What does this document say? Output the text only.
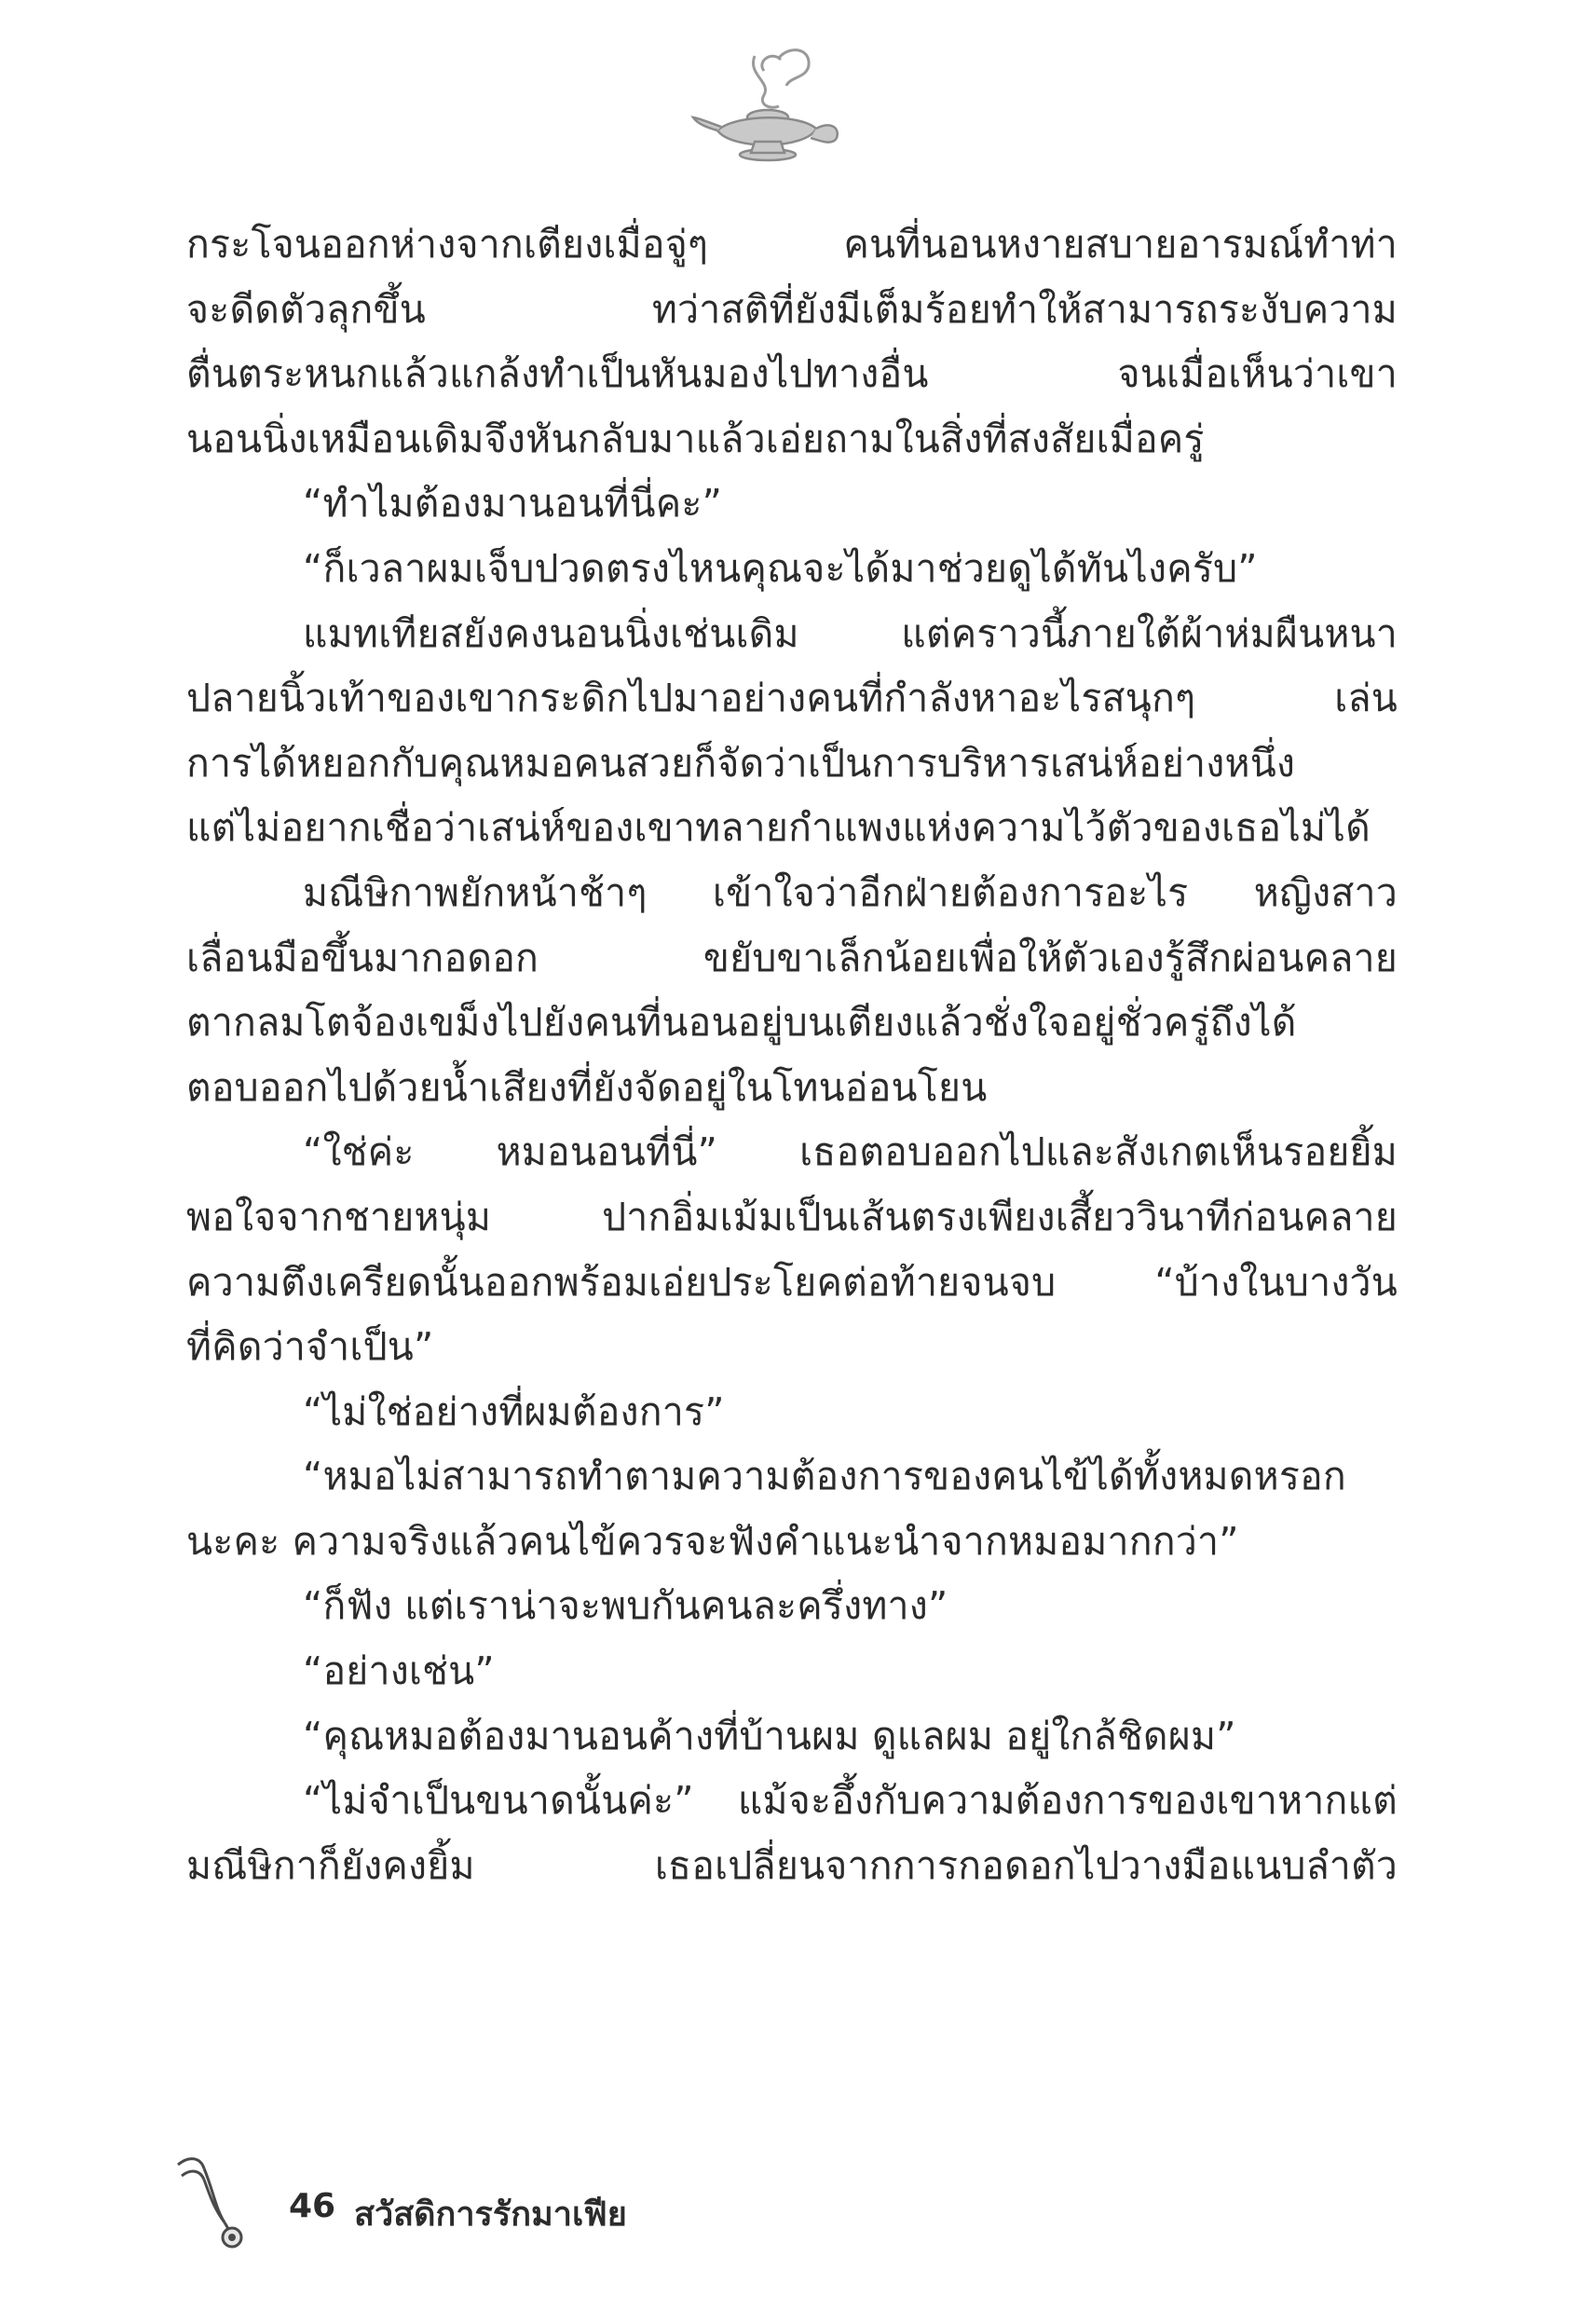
กระโจนออกห่างจากเตียงเมื่อจู่ๆ คนที่นอนหงายสบายอารมณ์ทำท่า
จะดีดตัวลุกขึ้น ทว่าสติที่ยังมีเต็มร้อยทำให้สามารถระงับความ
ตื่นตระหนกแล้วแกล้งทำเป็นหันมองไปทางอื่น จนเมื่อเห็นว่าเขา
นอนนิ่งเหมือนเดิมจึงหันกลับมาแล้วเอ่ยถามในสิ่งที่สงสัยเมื่อครู่
“ทำไมต้องมานอนที่นี่คะ”
“ก็เวลาผมเจ็บปวดตรงไหนคุณจะได้มาช่วยดูได้ทันไงครับ”
แมทเทียสยังคงนอนนิ่งเช่นเดิม แต่คราวนี้ภายใต้ผ้าห่มผืนหนา
ปลายนิ้วเท้าของเขากระดิกไปมาอย่างคนที่กำลังหาอะไรสนุกๆ เล่น
การได้หยอกกับคุณหมอคนสวยก็จัดว่าเป็นการบริหารเสน่ห์อย่างหนึ่ง
แต่ไม่อยากเชื่อว่าเสน่ห์ของเขาทลายกำแพงแห่งความไว้ตัวของเธอไม่ได้
มณีษิกาพยักหน้าช้าๆ เข้าใจว่าอีกฝ่ายต้องการอะไร หญิงสาว
เลื่อนมือขึ้นมากอดอก ขยับขาเล็กน้อยเพื่อให้ตัวเองรู้สึกผ่อนคลาย
ตากลมโตจ้องเขม็งไปยังคนที่นอนอยู่บนเตียงแล้วชั่งใจอยู่ชั่วครู่ถึงได้
ตอบออกไปด้วยน้ำเสียงที่ยังจัดอยู่ในโทนอ่อนโยน
“ใช่ค่ะ หมอนอนที่นี่” เธอตอบออกไปและสังเกตเห็นรอยยิ้ม
พอใจจากชายหนุ่ม ปากอิ่มเม้มเป็นเส้นตรงเพียงเสี้ยววินาทีก่อนคลาย
ความตึงเครียดนั้นออกพร้อมเอ่ยประโยคต่อท้ายจนจบ “บ้างในบางวัน
ที่คิดว่าจำเป็น”
“ไม่ใช่อย่างที่ผมต้องการ”
“หมอไม่สามารถทำตามความต้องการของคนไข้ได้ทั้งหมดหรอก
นะคะ ความจริงแล้วคนไข้ควรจะฟังคำแนะนำจากหมอมากกว่า”
“ก็ฟัง แต่เราน่าจะพบกันคนละครึ่งทาง”
“อย่างเช่น”
“คุณหมอต้องมานอนค้างที่บ้านผม ดูแลผม อยู่ใกล้ชิดผม”
“ไม่จำเป็นขนาดนั้นค่ะ” แม้จะอึ้งกับความต้องการของเขาหากแต่
มณีษิกาก็ยังคงยิ้ม เธอเปลี่ยนจากการกอดอกไปวางมือแนบลำตัว
46 สวัสดิการรักมาเฟีย
